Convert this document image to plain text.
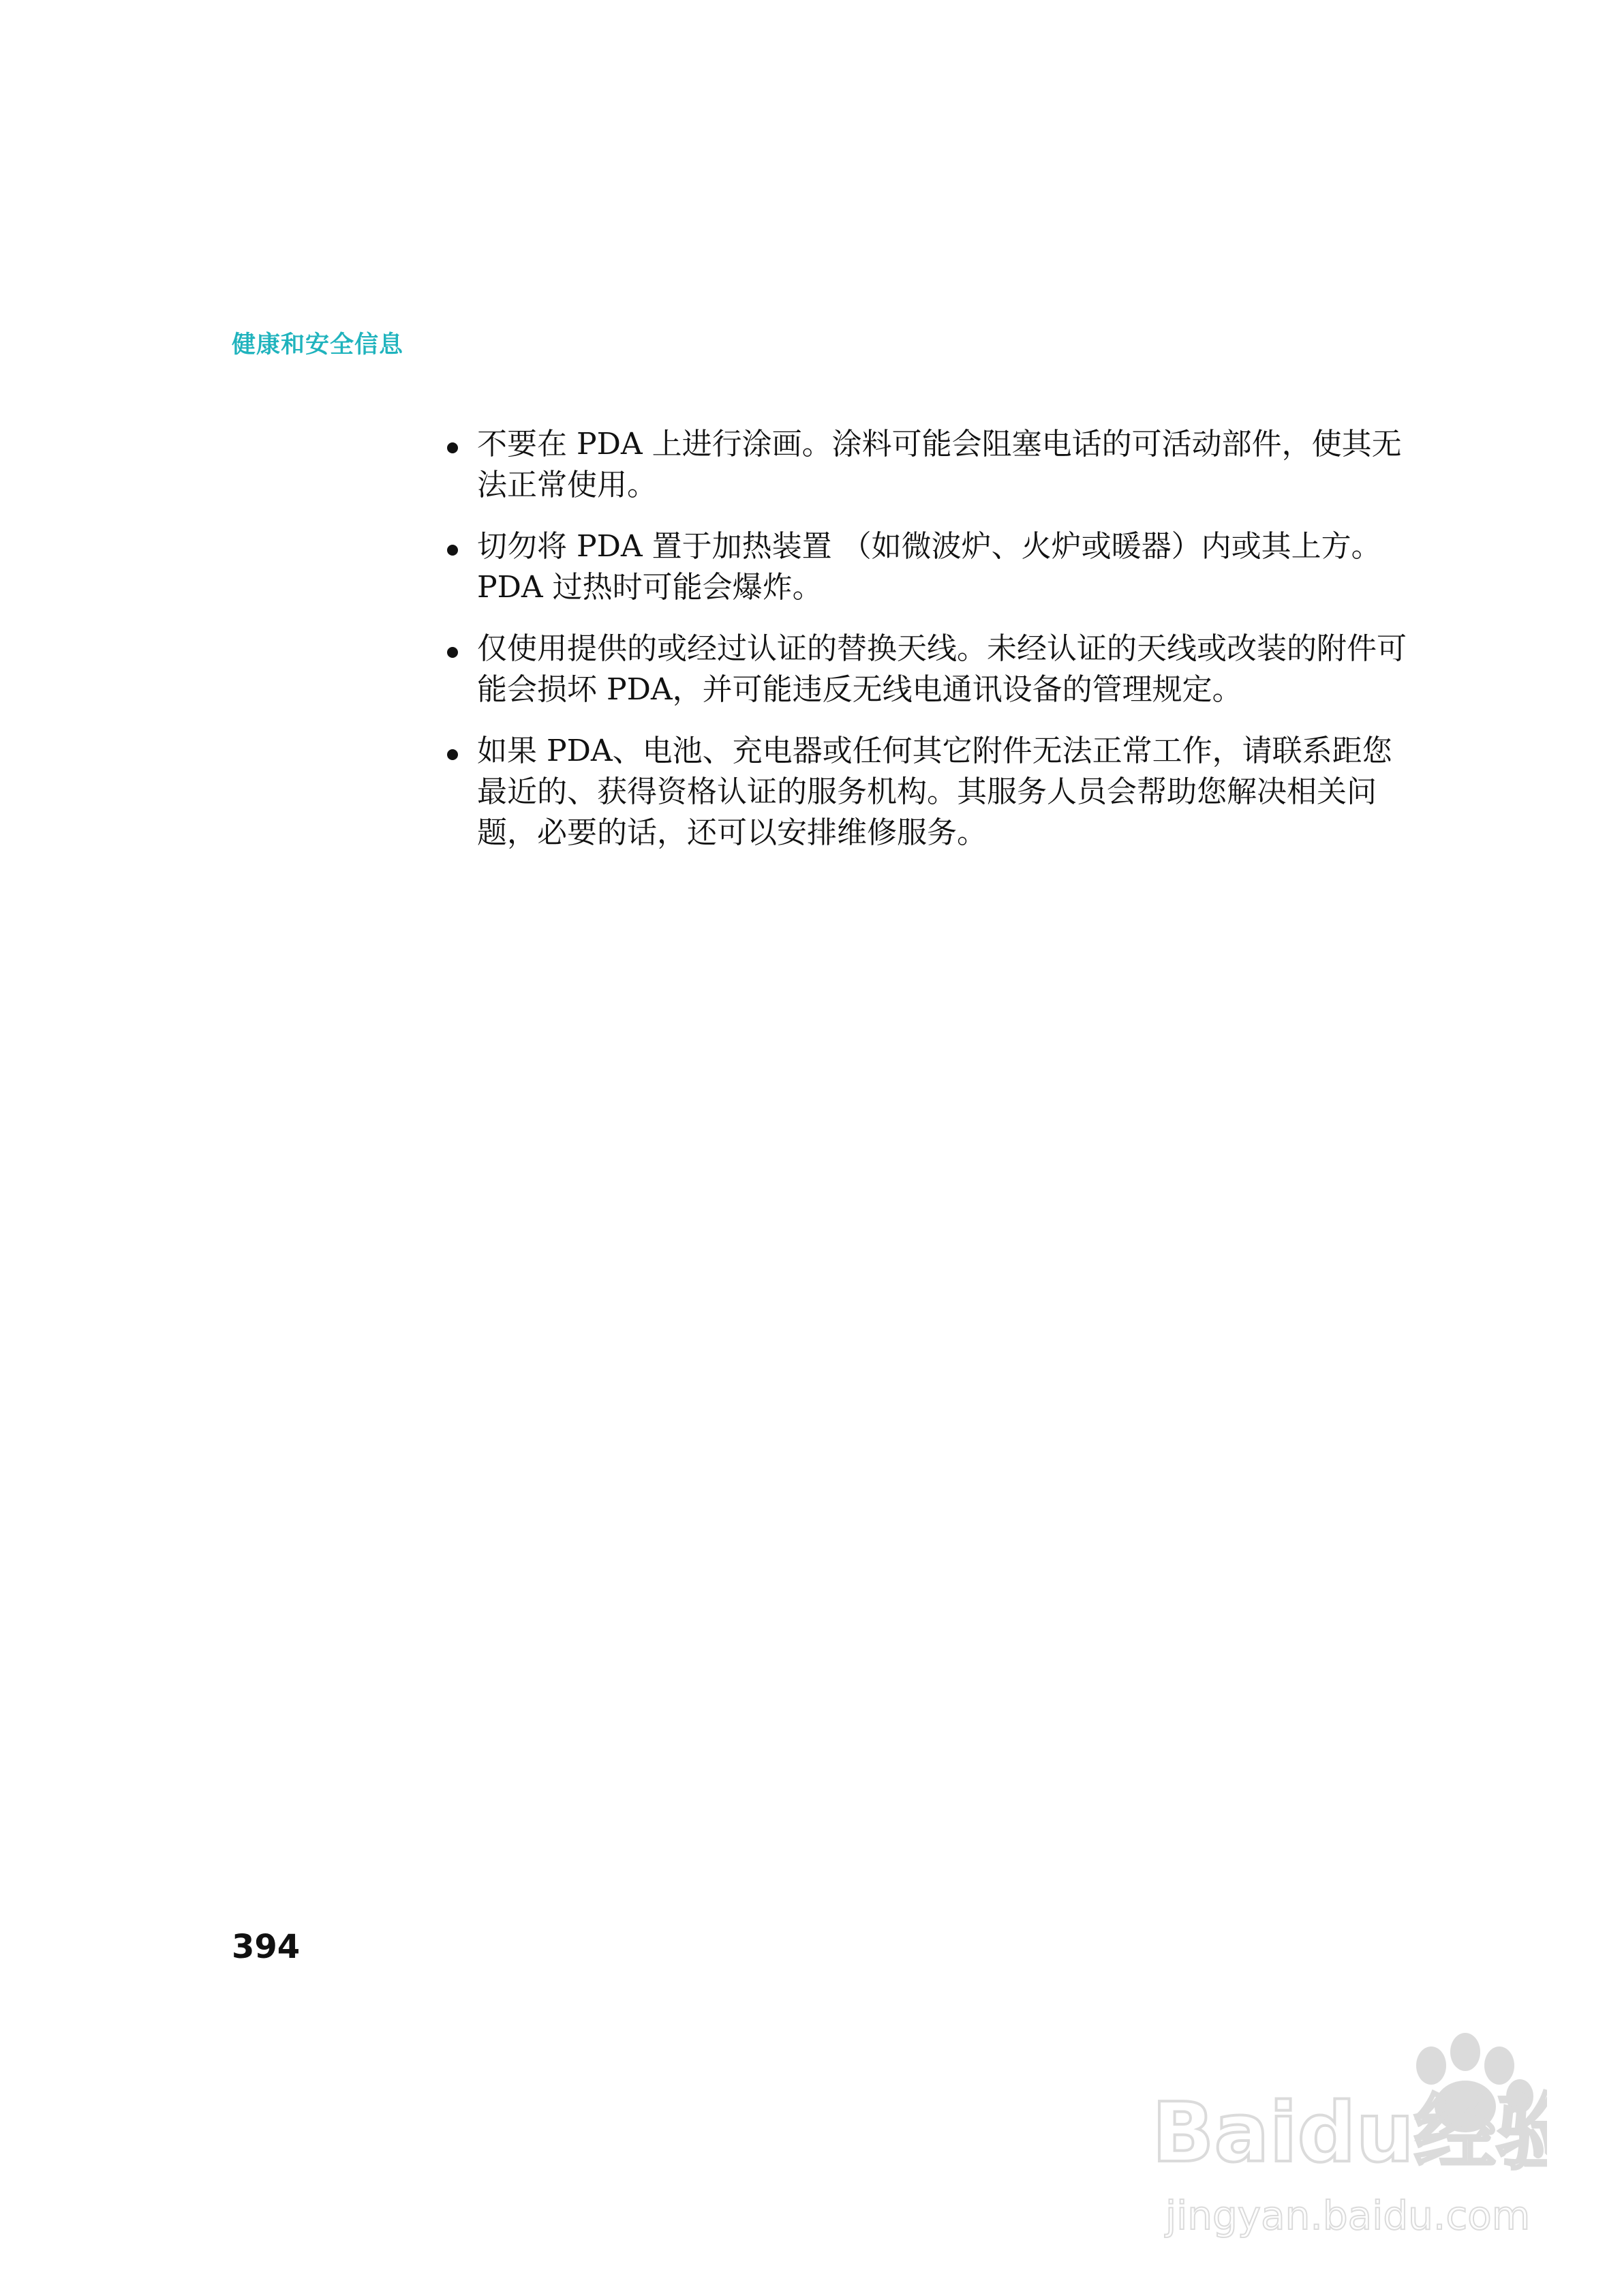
健康和安全信息
不要在 PDA 上进行涂画。涂料可能会阻塞电话的可活动部件，使其无法正常使用。
切勿将 PDA 置于加热装置 （如微波炉、火炉或暖器）内或其上方。 PDA 过热时可能会爆炸。
仅使用提供的或经过认证的替换天线。未经认证的天线或改装的附件可能会损坏 PDA，并可能违反无线电通讯设备的管理规定。
如果 PDA、电池、充电器或任何其它附件无法正常工作，请联系距您最近的、获得资格认证的服务机构。其服务人员会帮助您解决相关问题，必要的话，还可以安排维修服务。
394
Baidu经验
jingyan.baidu.com
